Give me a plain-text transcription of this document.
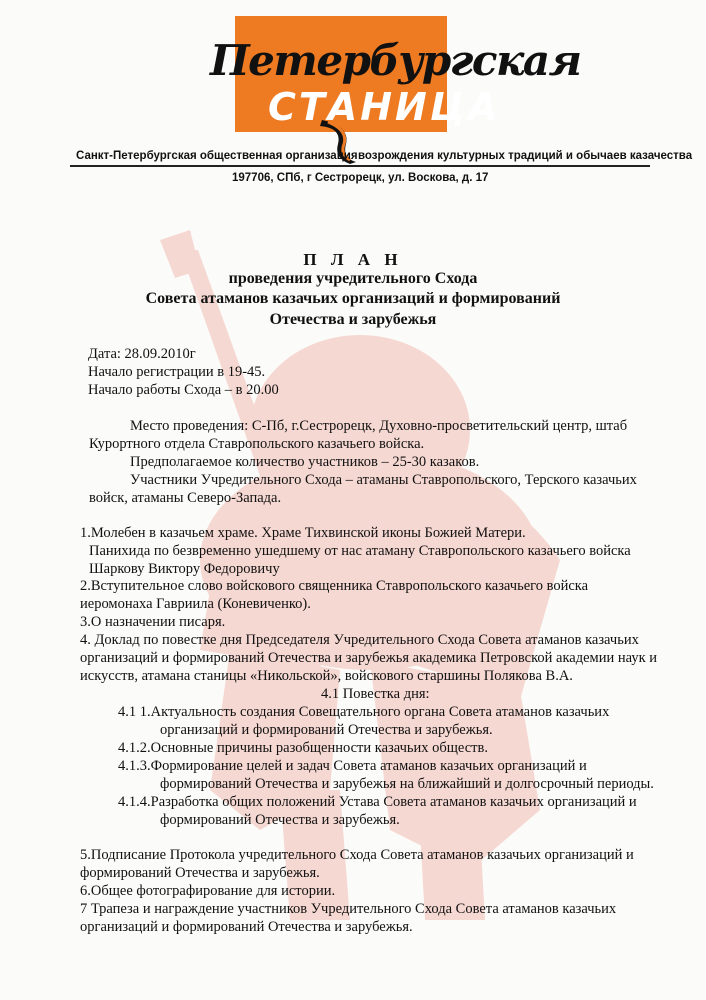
Петербургская
СТАНИЦА
Санкт-Петербургская общественная организация возрождения культурных традиций и обычаев казачества
197706, СПб, г Сестрорецк, ул. Воскова, д. 17
П Л А Н
проведения учредительного Схода
Совета атаманов казачьих организаций и формирований
Отечества и зарубежья
Дата: 28.09.2010г
Начало регистрации в 19-45.
Начало работы Схода – в 20.00
Место проведения: С-Пб, г.Сестрорецк, Духовно-просветительский центр, штаб
Курортного отдела Ставропольского казачьего войска.
Предполагаемое количество участников – 25-30 казаков.
Участники Учредительного Схода – атаманы Ставропольского, Терского казачьих
войск, атаманы Северо-Запада.
1.Молебен в казачьем храме. Храме Тихвинской иконы Божией Матери.
Панихида по безвременно ушедшему от нас атаману Ставропольского казачьего войска
Шаркову Виктору Федоровичу
2.Вступительное слово войскового священника Ставропольского казачьего войска
иеромонаха Гавриила (Коневиченко).
3.О назначении писаря.
4. Доклад по повестке дня Председателя Учредительного Схода Совета атаманов казачьих
организаций и формирований Отечества и зарубежья академика Петровской академии наук и
искусств, атамана станицы «Никольской», войскового старшины Полякова В.А.
4.1 Повестка дня:
4.1 1.Актуальность создания Совещательного органа Совета атаманов казачьих
организаций и формирований Отечества и зарубежья.
4.1.2.Основные причины разобщенности казачьих обществ.
4.1.3.Формирование целей и задач Совета атаманов казачьих организаций и
формирований Отечества и зарубежья на ближайший и долгосрочный периоды.
4.1.4.Разработка общих положений Устава Совета атаманов казачьих организаций и
формирований Отечества и зарубежья.
5.Подписание Протокола учредительного Схода Совета атаманов казачьих организаций и
формирований Отечества и зарубежья.
6.Общее фотографирование для истории.
7 Трапеза и награждение участников Учредительного Схода Совета атаманов казачьих
организаций и формирований Отечества и зарубежья.
